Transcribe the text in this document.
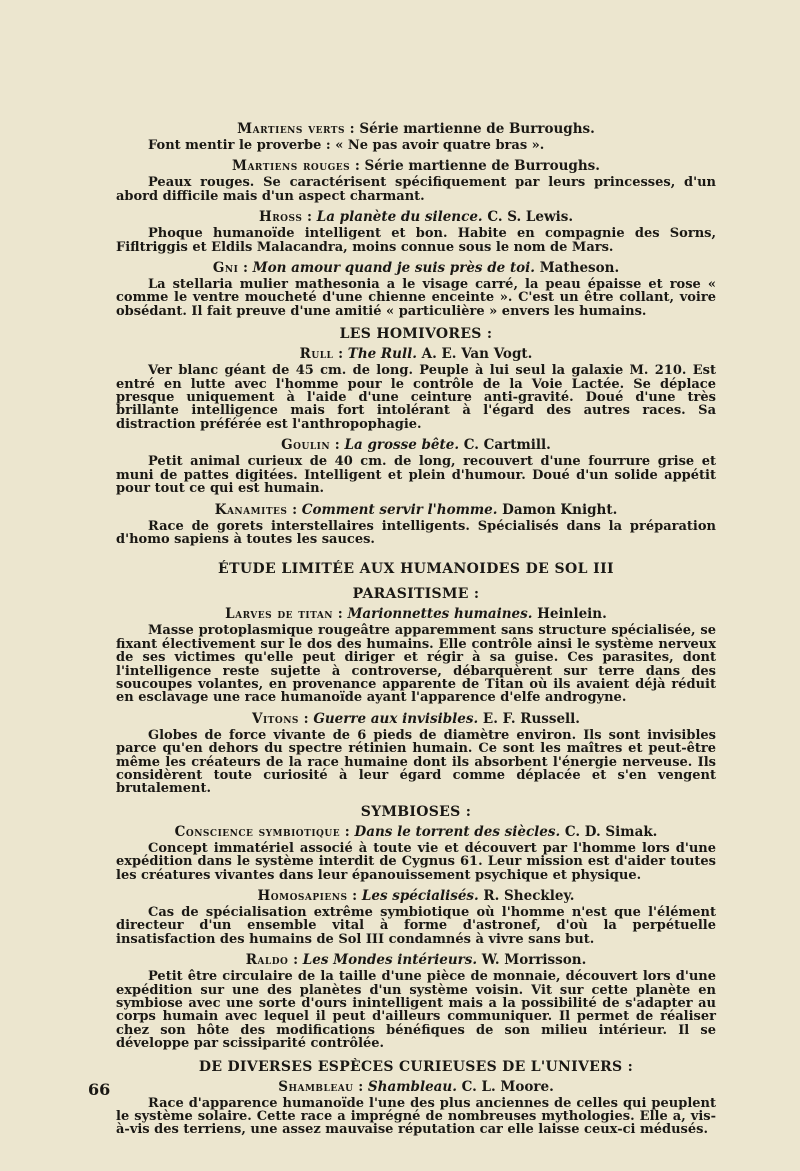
Martiens verts : Série martienne de Burroughs.

Font mentir le proverbe : « Ne pas avoir quatre bras ».

Martiens rouges : Série martienne de Burroughs.

Peaux rouges. Se caractérisent spécifiquement par leurs princesses, d'un abord difficile mais d'un aspect charmant.

Hross : La planète du silence. C. S. Lewis.

Phoque humanoïde intelligent et bon. Habite en compagnie des Sorns, Fifltriggis et Eldils Malacandra, moins connue sous le nom de Mars.

Gni : Mon amour quand je suis près de toi. Matheson.

La stellaria mulier mathesonia a le visage carré, la peau épaisse et rose « comme le ventre moucheté d'une chienne enceinte ». C'est un être collant, voire obsédant. Il fait preuve d'une amitié « particulière » envers les humains.

LES HOMIVORES :
Rull : The Rull. A. E. Van Vogt.

Ver blanc géant de 45 cm. de long. Peuple à lui seul la galaxie M. 210. Est entré en lutte avec l'homme pour le contrôle de la Voie Lactée. Se déplace presque uniquement à l'aide d'une ceinture anti-gravité. Doué d'une très brillante intelligence mais fort intolérant à l'égard des autres races. Sa distraction préférée est l'anthropophagie.

Goulin : La grosse bête. C. Cartmill.

Petit animal curieux de 40 cm. de long, recouvert d'une fourrure grise et muni de pattes digitées. Intelligent et plein d'humour. Doué d'un solide appétit pour tout ce qui est humain.

Kanamites : Comment servir l'homme. Damon Knight.

Race de gorets interstellaires intelligents. Spécialisés dans la préparation d'homo sapiens à toutes les sauces.

ÉTUDE LIMITÉE AUX HUMANOIDES DE SOL III
PARASITISME :
Larves de titan : Marionnettes humaines. Heinlein.

Masse protoplasmique rougeâtre apparemment sans structure spécialisée, se fixant électivement sur le dos des humains. Elle contrôle ainsi le système nerveux de ses victimes qu'elle peut diriger et régir à sa guise. Ces parasites, dont l'intelligence reste sujette à controverse, débarquèrent sur terre dans des soucoupes volantes, en provenance apparente de Titan où ils avaient déjà réduit en esclavage une race humanoïde ayant l'apparence d'elfe androgyne.

Vitons : Guerre aux invisibles. E. F. Russell.

Globes de force vivante de 6 pieds de diamètre environ. Ils sont invisibles parce qu'en dehors du spectre rétinien humain. Ce sont les maîtres et peut-être même les créateurs de la race humaine dont ils absorbent l'énergie nerveuse. Ils considèrent toute curiosité à leur égard comme déplacée et s'en vengent brutalement.

SYMBIOSES :
Conscience symbiotique : Dans le torrent des siècles. C. D. Simak.

Concept immatériel associé à toute vie et découvert par l'homme lors d'une expédition dans le système interdit de Cygnus 61. Leur mission est d'aider toutes les créatures vivantes dans leur épanouissement psychique et physique.

Homosapiens : Les spécialisés. R. Sheckley.

Cas de spécialisation extrême symbiotique où l'homme n'est que l'élément directeur d'un ensemble vital à forme d'astronef, d'où la perpétuelle insatisfaction des humains de Sol III condamnés à vivre sans but.

Raldo : Les Mondes intérieurs. W. Morrisson.

Petit être circulaire de la taille d'une pièce de monnaie, découvert lors d'une expédition sur une des planètes d'un système voisin. Vit sur cette planète en symbiose avec une sorte d'ours inintelligent mais a la possibilité de s'adapter au corps humain avec lequel il peut d'ailleurs communiquer. Il permet de réaliser chez son hôte des modifications bénéfiques de son milieu intérieur. Il se développe par scissiparité contrôlée.

DE DIVERSES ESPÈCES CURIEUSES DE L'UNIVERS :
Shambleau : Shambleau. C. L. Moore.

Race d'apparence humanoïde l'une des plus anciennes de celles qui peuplent le système solaire. Cette race a imprégné de nombreuses mythologies. Elle a, vis-à-vis des terriens, une assez mauvaise réputation car elle laisse ceux-ci médusés.

66
